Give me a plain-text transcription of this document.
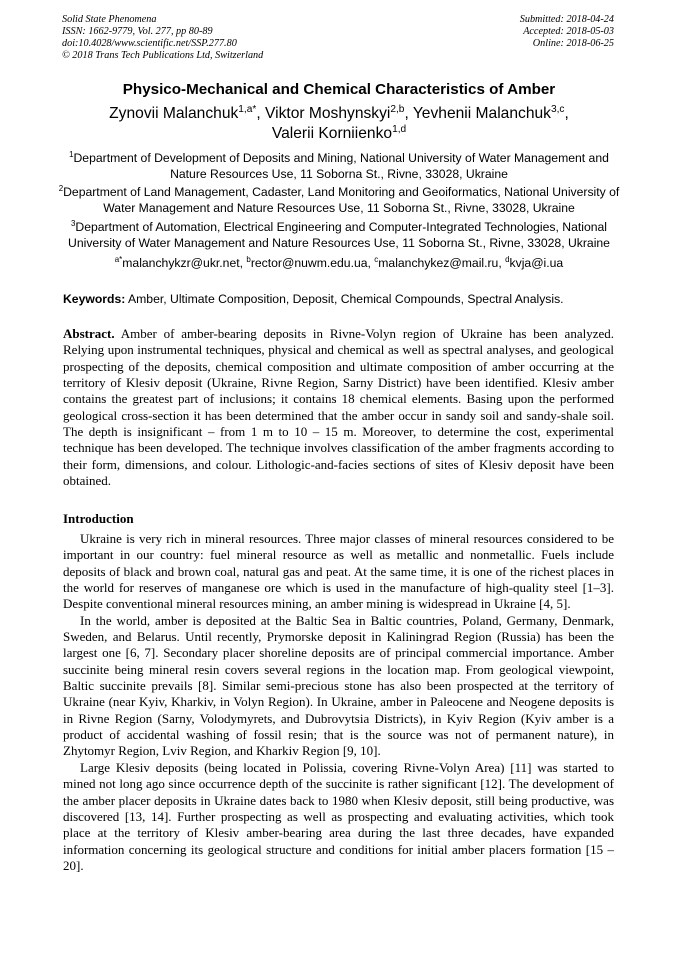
Solid State Phenomena
ISSN: 1662-9779, Vol. 277, pp 80-89
doi:10.4028/www.scientific.net/SSP.277.80
© 2018 Trans Tech Publications Ltd, Switzerland
Submitted: 2018-04-24
Accepted: 2018-05-03
Online: 2018-06-25
Physico-Mechanical and Chemical Characteristics of Amber
Zynovii Malanchuk$^{1,a*}$, Viktor Moshynskyi$^{2,b}$, Yevhenii Malanchuk$^{3,c}$,
Valerii Korniienko$^{1,d}$
$^1$Department of Development of Deposits and Mining, National University of Water Management and Nature Resources Use, 11 Soborna St., Rivne, 33028, Ukraine
$^2$Department of Land Management, Cadaster, Land Monitoring and Geoiformatics, National University of Water Management and Nature Resources Use, 11 Soborna St., Rivne, 33028, Ukraine
$^3$Department of Automation, Electrical Engineering and Computer-Integrated Technologies, National University of Water Management and Nature Resources Use, 11 Soborna St., Rivne, 33028, Ukraine
$^{a*}$malanchykzr@ukr.net, $^b$rector@nuwm.edu.ua, $^c$malanchykez@mail.ru, $^d$kvja@i.ua
Keywords: Amber, Ultimate Composition, Deposit, Chemical Compounds, Spectral Analysis.

Abstract. Amber of amber-bearing deposits in Rivne-Volyn region of Ukraine has been analyzed. Relying upon instrumental techniques, physical and chemical as well as spectral analyses, and geological prospecting of the deposits, chemical composition and ultimate composition of amber occurring at the territory of Klesiv deposit (Ukraine, Rivne Region, Sarny District) have been identified. Klesiv amber contains the greatest part of inclusions; it contains 18 chemical elements. Basing upon the performed geological cross-section it has been determined that the amber occur in sandy soil and sandy-shale soil. The depth is insignificant – from 1 m to 10 – 15 m. Moreover, to determine the cost, experimental technique has been developed. The technique involves classification of the amber fragments according to their form, dimensions, and colour. Lithologic-and-facies sections of sites of Klesiv deposit have been obtained.

Introduction

Ukraine is very rich in mineral resources. Three major classes of mineral resources considered to be important in our country: fuel mineral resource as well as metallic and nonmetallic. Fuels include deposits of black and brown coal, natural gas and peat. At the same time, it is one of the richest places in the world for reserves of manganese ore which is used in the manufacture of high-quality steel [1–3]. Despite conventional mineral resources mining, an amber mining is widespread in Ukraine [4, 5].

In the world, amber is deposited at the Baltic Sea in Baltic countries, Poland, Germany, Denmark, Sweden, and Belarus. Until recently, Prymorske deposit in Kaliningrad Region (Russia) has been the largest one [6, 7]. Secondary placer shoreline deposits are of principal commercial importance. Amber succinite being mineral resin covers several regions in the location map. From geological viewpoint, Baltic succinite prevails [8]. Similar semi-precious stone has also been prospected at the territory of Ukraine (near Kyiv, Kharkiv, in Volyn Region). In Ukraine, amber in Paleocene and Neogene deposits is in Rivne Region (Sarny, Volodymyrets, and Dubrovytsia Districts), in Kyiv Region (Kyiv amber is a product of accidental washing of fossil resin; that is the source was not of permanent nature), in Zhytomyr Region, Lviv Region, and Kharkiv Region [9, 10].

Large Klesiv deposits (being located in Polissia, covering Rivne-Volyn Area) [11] was started to mined not long ago since occurrence depth of the succinite is rather significant [12]. The development of the amber placer deposits in Ukraine dates back to 1980 when Klesiv deposit, still being productive, was discovered [13, 14]. Further prospecting as well as prospecting and evaluating activities, which took place at the territory of Klesiv amber-bearing area during the last three decades, have expanded information concerning its geological structure and conditions for initial amber placers formation [15 – 20].
